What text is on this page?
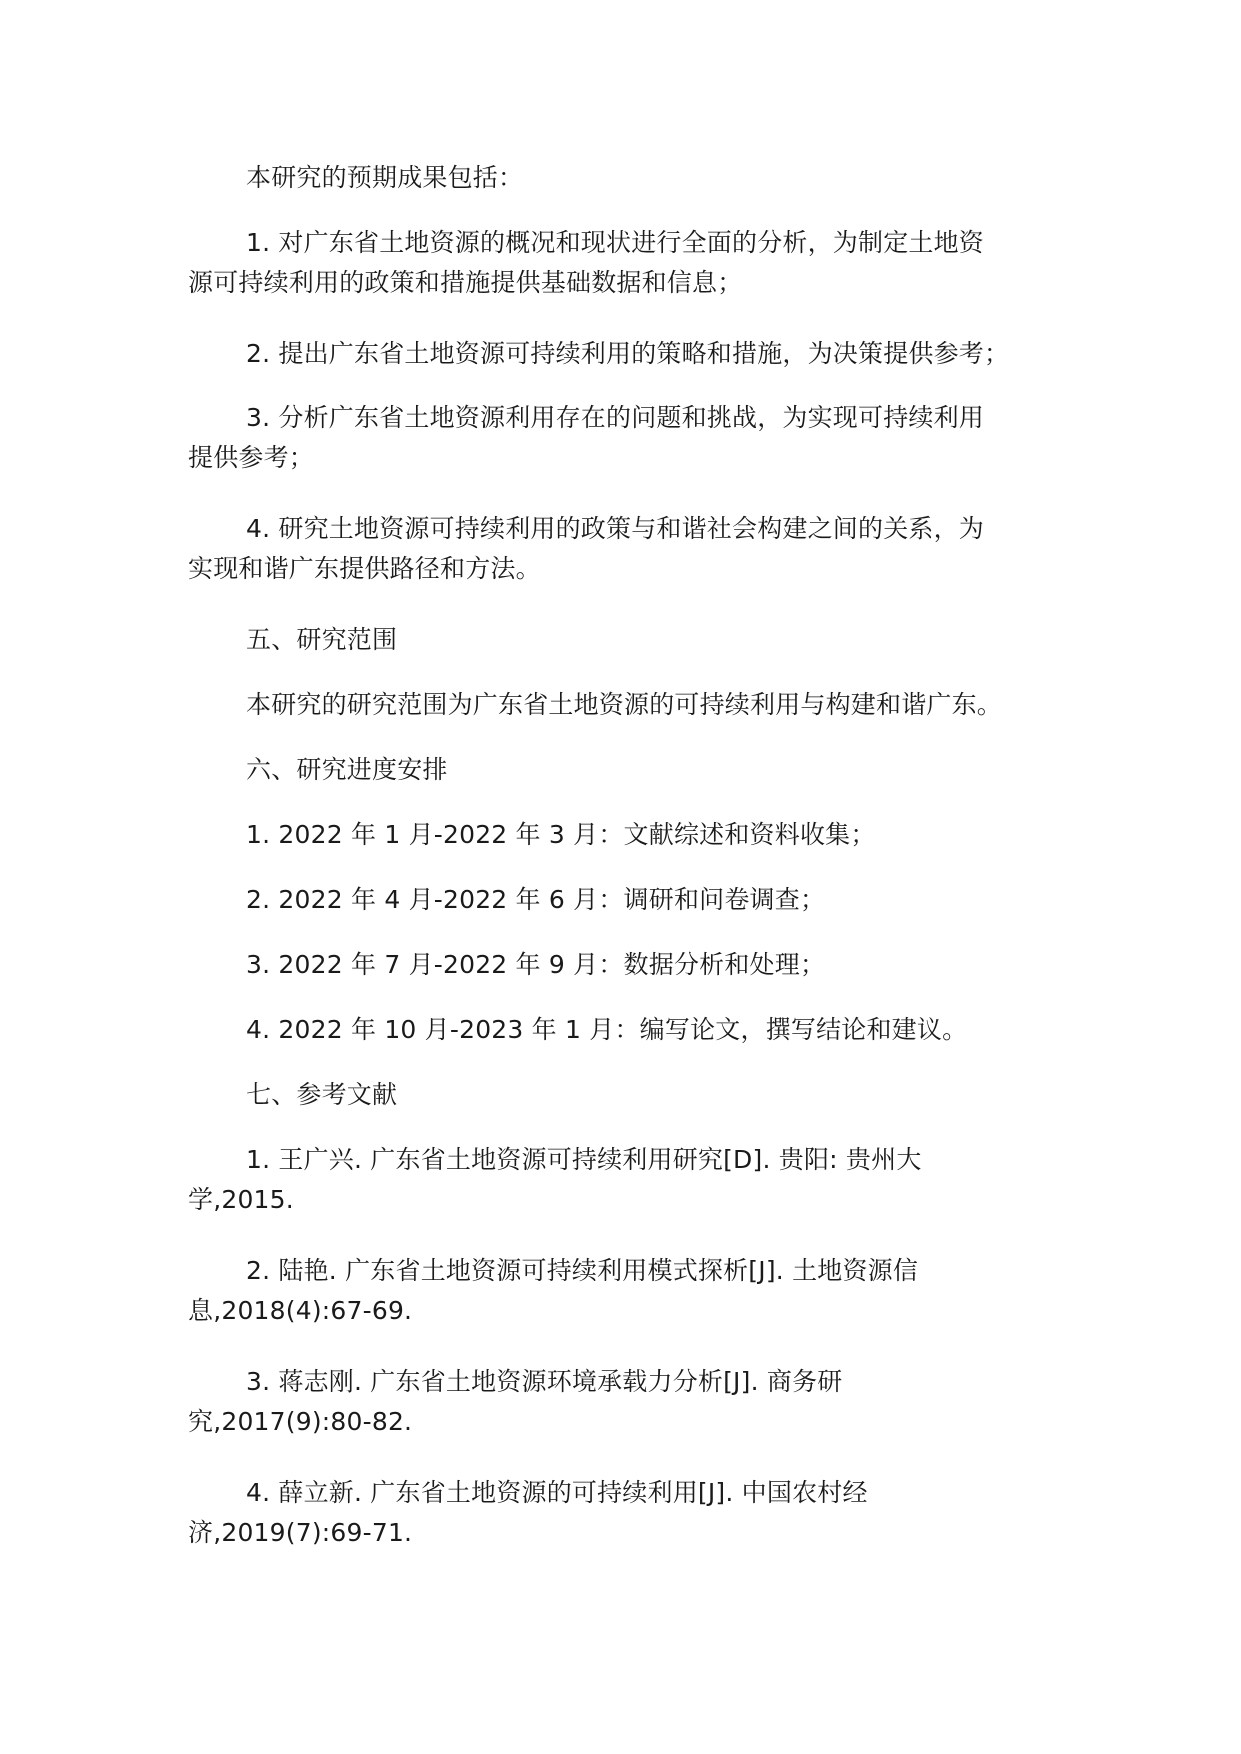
本研究的预期成果包括：

1. 对广东省土地资源的概况和现状进行全面的分析，为制定土地资
源可持续利用的政策和措施提供基础数据和信息；

2. 提出广东省土地资源可持续利用的策略和措施，为决策提供参考；

3. 分析广东省土地资源利用存在的问题和挑战，为实现可持续利用
提供参考；

4. 研究土地资源可持续利用的政策与和谐社会构建之间的关系，为
实现和谐广东提供路径和方法。

五、研究范围

本研究的研究范围为广东省土地资源的可持续利用与构建和谐广东。

六、研究进度安排

1. 2022 年 1 月-2022 年 3 月：文献综述和资料收集；

2. 2022 年 4 月-2022 年 6 月：调研和问卷调查；

3. 2022 年 7 月-2022 年 9 月：数据分析和处理；

4. 2022 年 10 月-2023 年 1 月：编写论文，撰写结论和建议。

七、参考文献

1. 王广兴. 广东省土地资源可持续利用研究[D]. 贵阳: 贵州大
学,2015.

2. 陆艳. 广东省土地资源可持续利用模式探析[J]. 土地资源信
息,2018(4):67-69.

3. 蒋志刚. 广东省土地资源环境承载力分析[J]. 商务研
究,2017(9):80-82.

4. 薛立新. 广东省土地资源的可持续利用[J]. 中国农村经
济,2019(7):69-71.
